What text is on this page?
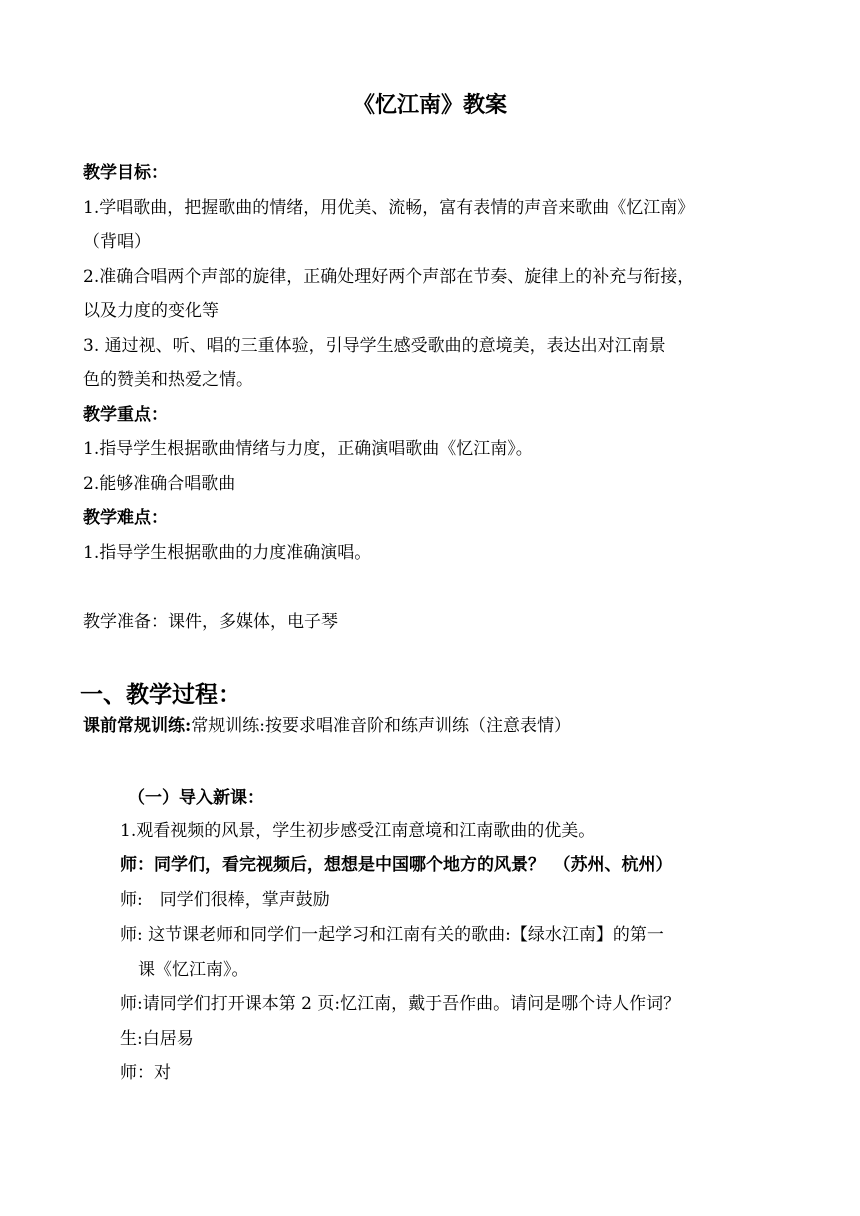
《忆江南》教案
教学目标：
1.学唱歌曲，把握歌曲的情绪，用优美、流畅，富有表情的声音来歌曲《忆江南》
（背唱）
2.准确合唱两个声部的旋律，正确处理好两个声部在节奏、旋律上的补充与衔接，
以及力度的变化等
3. 通过视、听、唱的三重体验，引导学生感受歌曲的意境美，表达出对江南景
色的赞美和热爱之情。
教学重点：
1.指导学生根据歌曲情绪与力度，正确演唱歌曲《忆江南》。
2.能够准确合唱歌曲
教学难点：
1.指导学生根据歌曲的力度准确演唱。
教学准备：课件，多媒体，电子琴
一、教学过程：
课前常规训练:常规训练:按要求唱准音阶和练声训练（注意表情）
（一）导入新课：
1.观看视频的风景，学生初步感受江南意境和江南歌曲的优美。
师：同学们，看完视频后，想想是中国哪个地方的风景？　（苏州、杭州）
师:　同学们很棒，掌声鼓励
师: 这节课老师和同学们一起学习和江南有关的歌曲:【绿水江南】的第一
课《忆江南》。
师:请同学们打开课本第 2 页:忆江南，戴于吾作曲。请问是哪个诗人作词？
生:白居易
师：对
